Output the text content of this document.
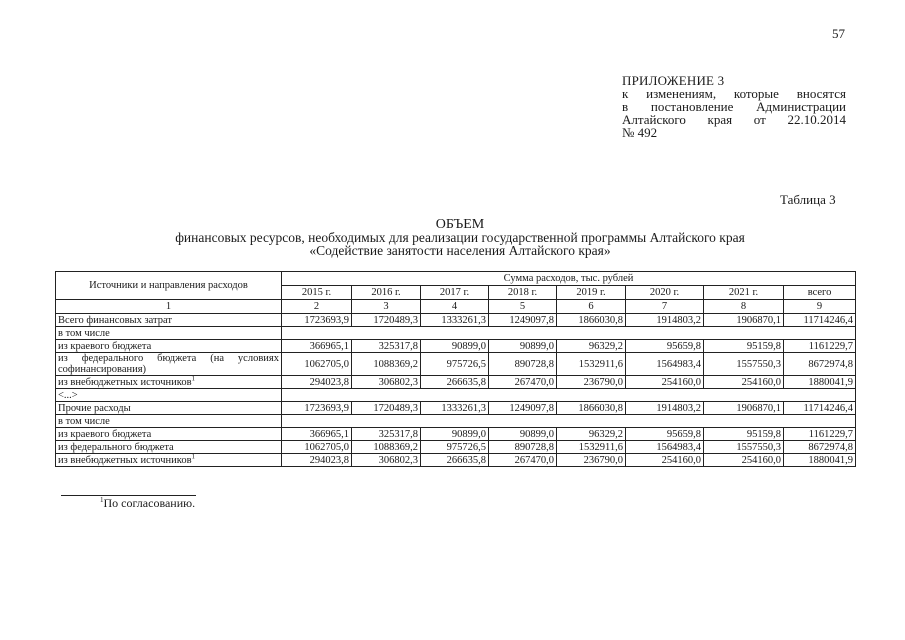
57
ПРИЛОЖЕНИЕ 3
к изменениям, которые вносятся
в постановление Администрации
Алтайского края от 22.10.2014
№ 492
Таблица 3
ОБЪЕМ
финансовых ресурсов, необходимых для реализации государственной программы Алтайского края
«Содействие занятости населения Алтайского края»
Источники и направления расходов	Сумма расходов, тыс. рублей							
	2015 г.	2016 г.	2017 г.	2018 г.	2019 г.	2020 г.	2021 г.	всего
1	2	3	4	5	6	7	8	9
Всего финансовых затрат	1723693,9	1720489,3	1333261,3	1249097,8	1866030,8	1914803,2	1906870,1	11714246,4
в том числе								
из краевого бюджета	366965,1	325317,8	90899,0	90899,0	96329,2	95659,8	95159,8	1161229,7
из федерального бюджета (на условиях софинансирования)	1062705,0	1088369,2	975726,5	890728,8	1532911,6	1564983,4	1557550,3	8672974,8
из внебюджетных источников$^1$	294023,8	306802,3	266635,8	267470,0	236790,0	254160,0	254160,0	1880041,9
<...>								
Прочие расходы	1723693,9	1720489,3	1333261,3	1249097,8	1866030,8	1914803,2	1906870,1	11714246,4
в том числе								
из краевого бюджета	366965,1	325317,8	90899,0	90899,0	96329,2	95659,8	95159,8	1161229,7
из федерального бюджета	1062705,0	1088369,2	975726,5	890728,8	1532911,6	1564983,4	1557550,3	8672974,8
из внебюджетных источников$^1$	294023,8	306802,3	266635,8	267470,0	236790,0	254160,0	254160,0	1880041,9
$^1$По согласованию.
